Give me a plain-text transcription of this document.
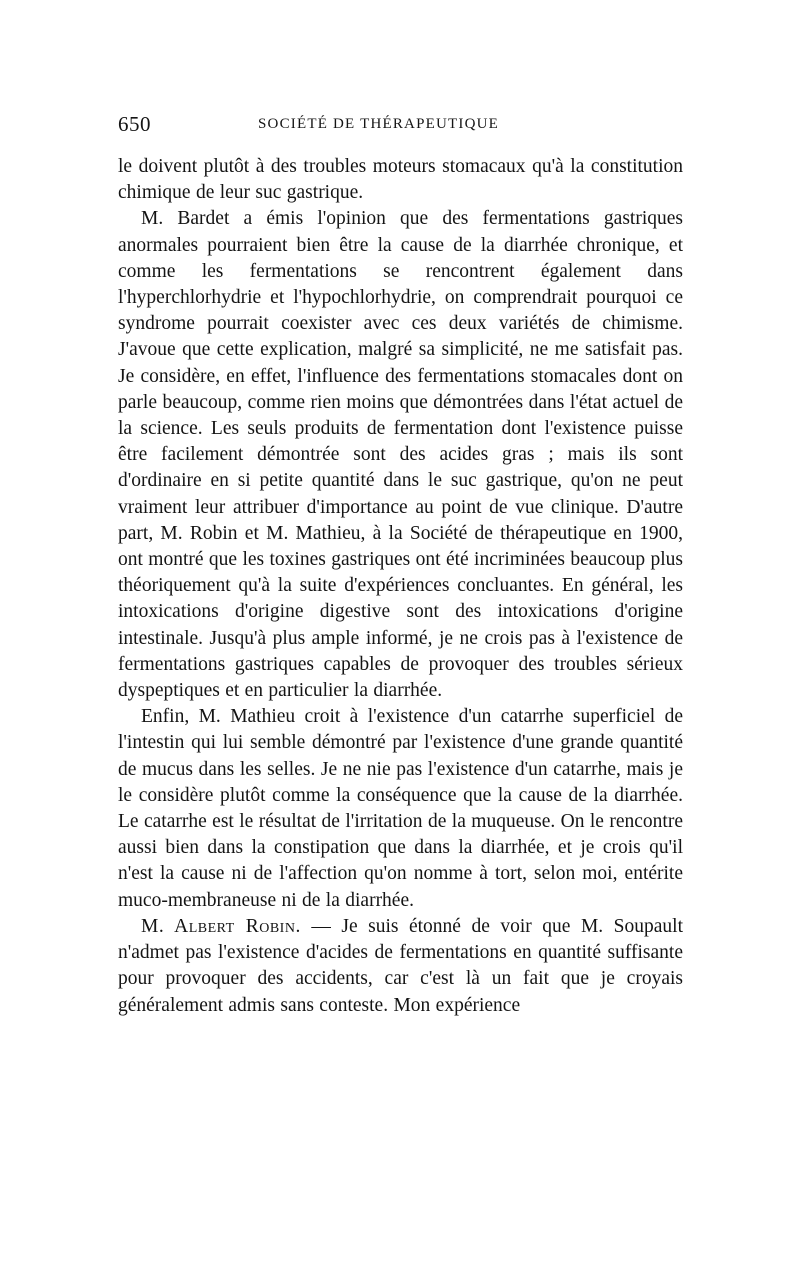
650	SOCIÉTÉ DE THÉRAPEUTIQUE

le doivent plutôt à des troubles moteurs stomacaux qu'à la constitution chimique de leur suc gastrique.

M. Bardet a émis l'opinion que des fermentations gastriques anormales pourraient bien être la cause de la diarrhée chronique, et comme les fermentations se rencontrent également dans l'hyperchlorhydrie et l'hypochlorhydrie, on comprendrait pourquoi ce syndrome pourrait coexister avec ces deux variétés de chimisme. J'avoue que cette explication, malgré sa simplicité, ne me satisfait pas. Je considère, en effet, l'influence des fermentations stomacales dont on parle beaucoup, comme rien moins que démontrées dans l'état actuel de la science. Les seuls produits de fermentation dont l'existence puisse être facilement démontrée sont des acides gras ; mais ils sont d'ordinaire en si petite quantité dans le suc gastrique, qu'on ne peut vraiment leur attribuer d'importance au point de vue clinique. D'autre part, M. Robin et M. Mathieu, à la Société de thérapeutique en 1900, ont montré que les toxines gastriques ont été incriminées beaucoup plus théoriquement qu'à la suite d'expériences concluantes. En général, les intoxications d'origine digestive sont des intoxications d'origine intestinale. Jusqu'à plus ample informé, je ne crois pas à l'existence de fermentations gastriques capables de provoquer des troubles sérieux dyspeptiques et en particulier la diarrhée.

Enfin, M. Mathieu croit à l'existence d'un catarrhe superficiel de l'intestin qui lui semble démontré par l'existence d'une grande quantité de mucus dans les selles. Je ne nie pas l'existence d'un catarrhe, mais je le considère plutôt comme la conséquence que la cause de la diarrhée. Le catarrhe est le résultat de l'irritation de la muqueuse. On le rencontre aussi bien dans la constipation que dans la diarrhée, et je crois qu'il n'est la cause ni de l'affection qu'on nomme à tort, selon moi, entérite muco-membraneuse ni de la diarrhée.

M. Albert Robin. — Je suis étonné de voir que M. Soupault n'admet pas l'existence d'acides de fermentations en quantité suffisante pour provoquer des accidents, car c'est là un fait que je croyais généralement admis sans conteste. Mon expérience
